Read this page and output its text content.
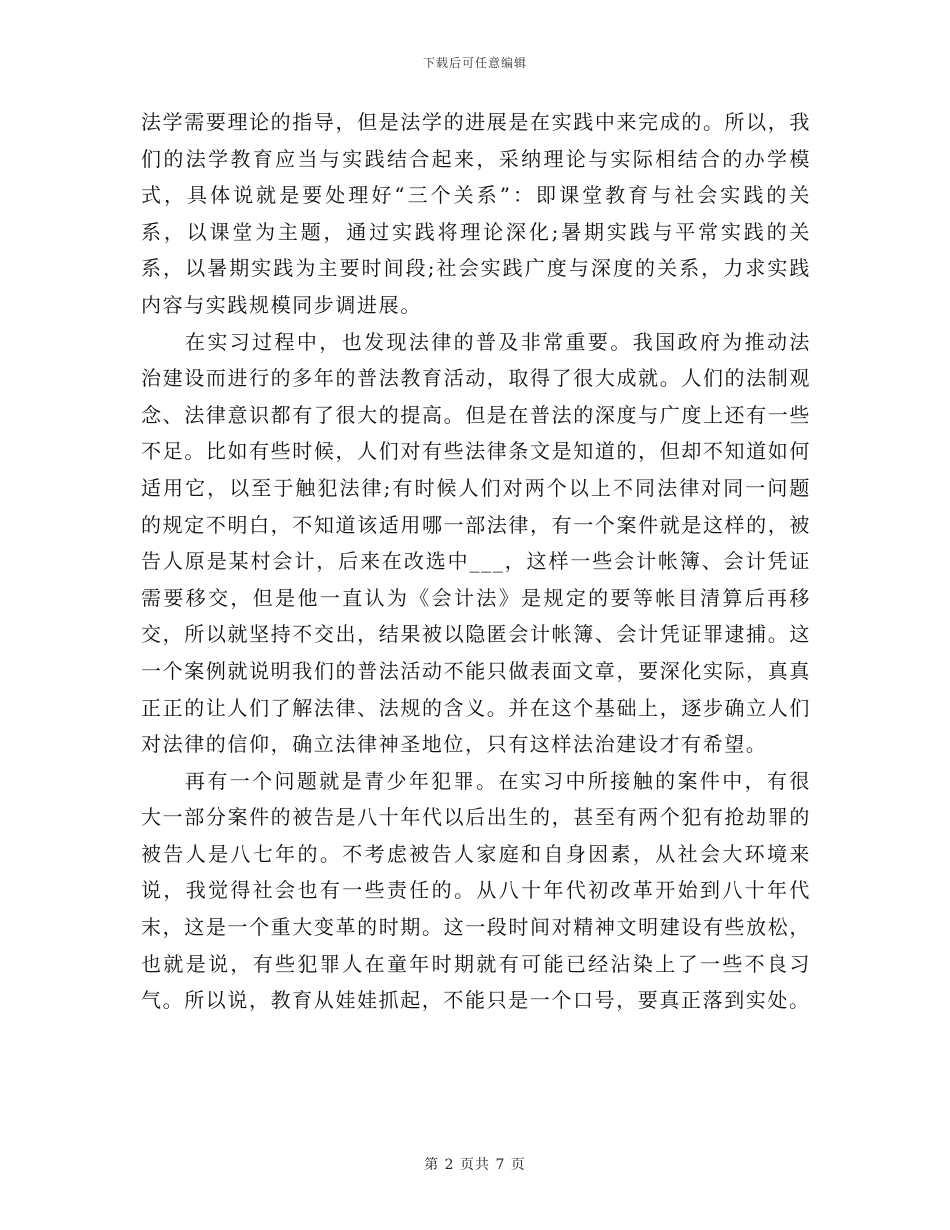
下载后可任意编辑

法学需要理论的指导，但是法学的进展是在实践中来完成的。所以，我们的法学教育应当与实践结合起来，采纳理论与实际相结合的办学模式，具体说就是要处理好“三个关系”：即课堂教育与社会实践的关系，以课堂为主题，通过实践将理论深化;暑期实践与平常实践的关系，以暑期实践为主要时间段;社会实践广度与深度的关系，力求实践内容与实践规模同步调进展。

在实习过程中，也发现法律的普及非常重要。我国政府为推动法治建设而进行的多年的普法教育活动，取得了很大成就。人们的法制观念、法律意识都有了很大的提高。但是在普法的深度与广度上还有一些不足。比如有些时候，人们对有些法律条文是知道的，但却不知道如何适用它，以至于触犯法律;有时候人们对两个以上不同法律对同一问题的规定不明白，不知道该适用哪一部法律，有一个案件就是这样的，被告人原是某村会计，后来在改选中___，这样一些会计帐簿、会计凭证需要移交，但是他一直认为《会计法》是规定的要等帐目清算后再移交，所以就坚持不交出，结果被以隐匿会计帐簿、会计凭证罪逮捕。这一个案例就说明我们的普法活动不能只做表面文章，要深化实际，真真正正的让人们了解法律、法规的含义。并在这个基础上，逐步确立人们对法律的信仰，确立法律神圣地位，只有这样法治建设才有希望。

再有一个问题就是青少年犯罪。在实习中所接触的案件中，有很大一部分案件的被告是八十年代以后出生的，甚至有两个犯有抢劫罪的被告人是八七年的。不考虑被告人家庭和自身因素，从社会大环境来说，我觉得社会也有一些责任的。从八十年代初改革开始到八十年代末，这是一个重大变革的时期。这一段时间对精神文明建设有些放松，也就是说，有些犯罪人在童年时期就有可能已经沾染上了一些不良习气。所以说，教育从娃娃抓起，不能只是一个口号，要真正落到实处。

第 2 页共 7 页
